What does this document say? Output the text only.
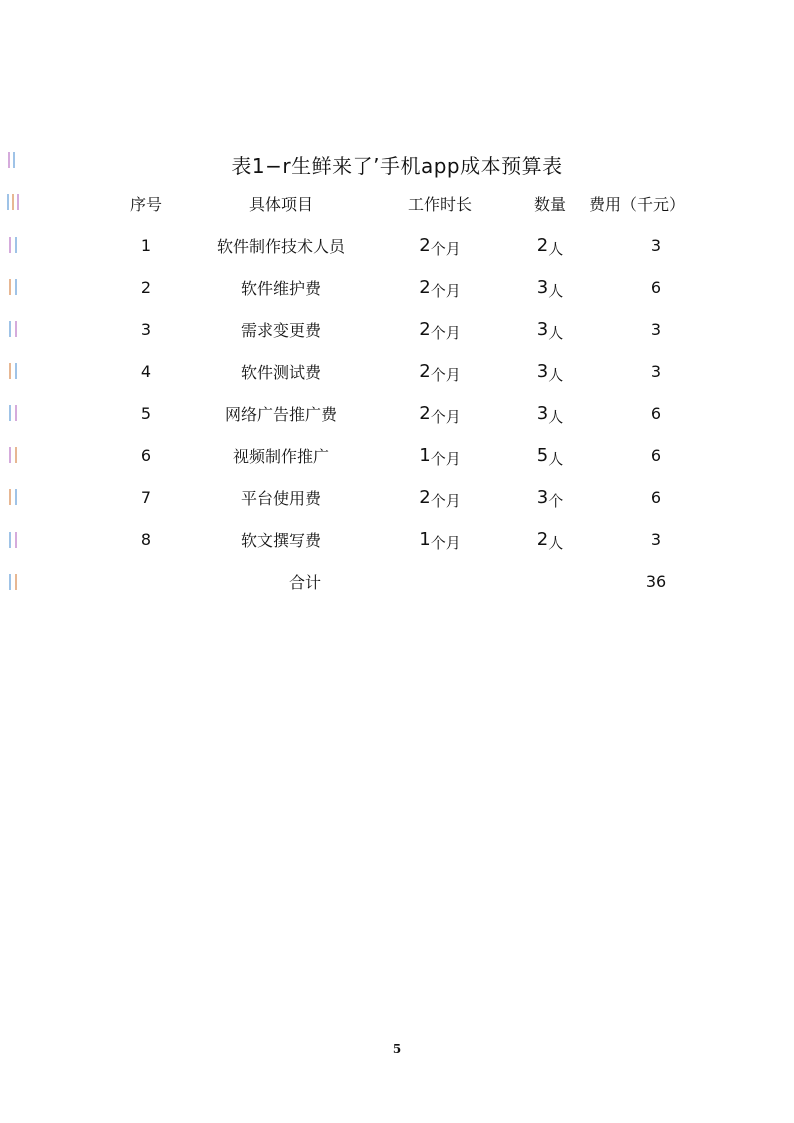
表1−r生鲜来了’手机app成本预算表
	序号	具体项目	工作时长	数量	费用（千元）
	1	软件制作技术人员	2个月	2人	3
	2	软件维护费	2个月	3人	6
	3	需求变更费	2个月	3人	3
	4	软件测试费	2个月	3人	3
	5	网络广告推广费	2个月	3人	6
	6	视频制作推广	1个月	5人	6
	7	平台使用费	2个月	3个	6
	8	软文撰写费	1个月	2人	3
	合计				36
5
